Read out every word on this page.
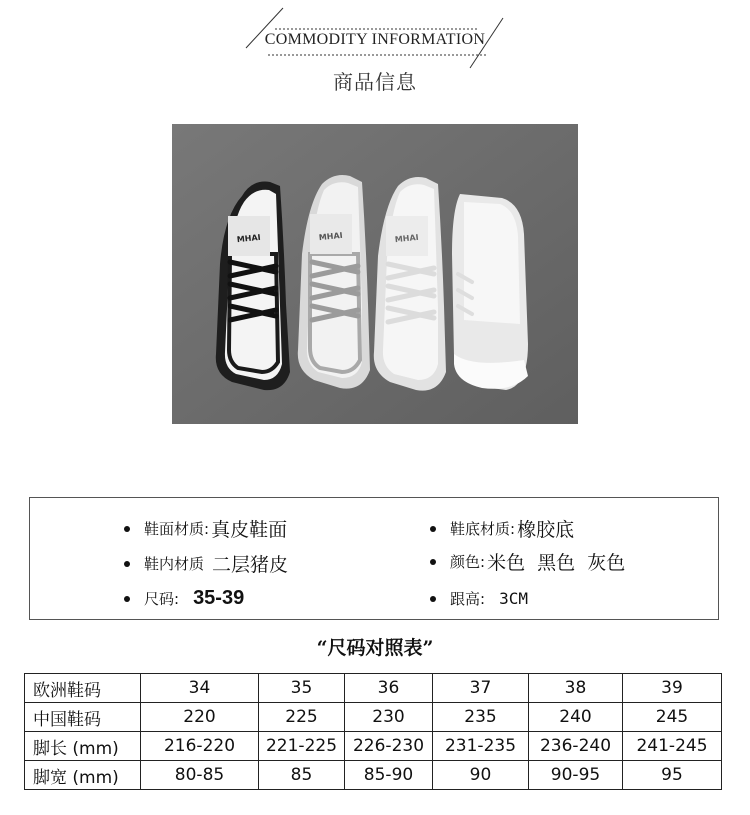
COMMODITY INFORMATION
商品信息
MHAI	MHAI	MHAI
鞋面材质: 真皮鞋面	鞋底材质: 橡胶底
鞋内材质 二层猪皮	颜色: 米色  黑色  灰色
尺码: 35-39	跟高: 3CM
“尺码对照表”
欧洲鞋码	34	35	36	37	38	39
中国鞋码	220	225	230	235	240	245
脚长 (mm)	216-220	221-225	226-230	231-235	236-240	241-245
脚宽 (mm)	80-85	85	85-90	90	90-95	95
